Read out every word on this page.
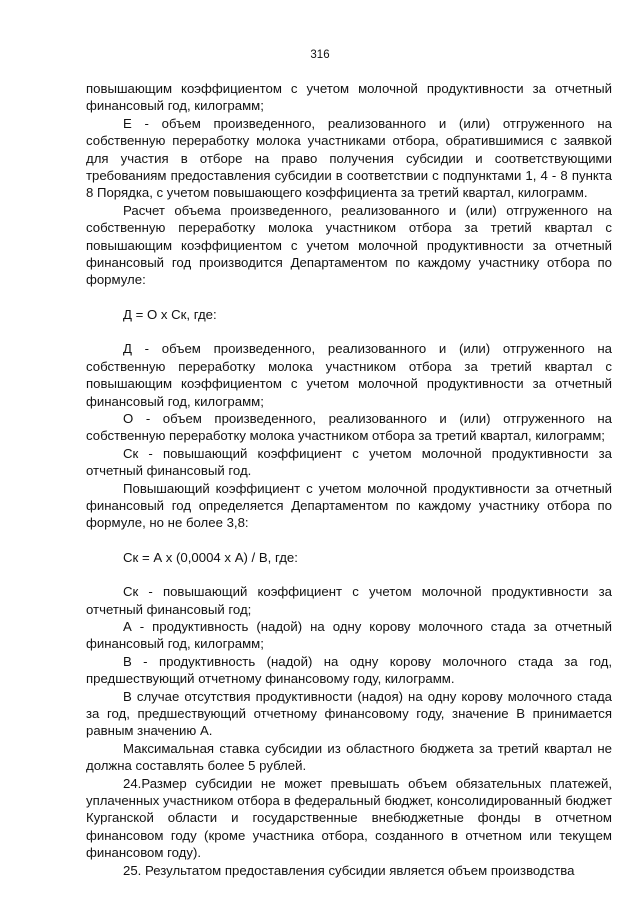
316

повышающим коэффициентом с учетом молочной продуктивности за отчетный финансовый год, килограмм;

Е - объем произведенного, реализованного и (или) отгруженного на собственную переработку молока участниками отбора, обратившимися с заявкой для участия в отборе на право получения субсидии и соответствующими требованиям предоставления субсидии в соответствии с подпунктами 1, 4 - 8 пункта 8 Порядка, с учетом повышающего коэффициента за третий квартал, килограмм.

Расчет объема произведенного, реализованного и (или) отгруженного на собственную переработку молока участником отбора за третий квартал с повышающим коэффициентом с учетом молочной продуктивности за отчетный финансовый год производится Департаментом по каждому участнику отбора по формуле:

Д = О х Ск, где:

Д - объем произведенного, реализованного и (или) отгруженного на собственную переработку молока участником отбора за третий квартал с повышающим коэффициентом с учетом молочной продуктивности за отчетный финансовый год, килограмм;

О - объем произведенного, реализованного и (или) отгруженного на собственную переработку молока участником отбора за третий квартал, килограмм;

Ск - повышающий коэффициент с учетом молочной продуктивности за отчетный финансовый год.

Повышающий коэффициент с учетом молочной продуктивности за отчетный финансовый год определяется Департаментом по каждому участнику отбора по формуле, но не более 3,8:

Ск = А х (0,0004 х А) / В, где:

Ск - повышающий коэффициент с учетом молочной продуктивности за отчетный финансовый год;

А - продуктивность (надой) на одну корову молочного стада за отчетный финансовый год, килограмм;

В - продуктивность (надой) на одну корову молочного стада за год, предшествующий отчетному финансовому году, килограмм.

В случае отсутствия продуктивности (надоя) на одну корову молочного стада за год, предшествующий отчетному финансовому году, значение В принимается равным значению А.

Максимальная ставка субсидии из областного бюджета за третий квартал не должна составлять более 5 рублей.

24.Размер субсидии не может превышать объем обязательных платежей, уплаченных участником отбора в федеральный бюджет, консолидированный бюджет Курганской области и государственные внебюджетные фонды в отчетном финансовом году (кроме участника отбора, созданного в отчетном или текущем финансовом году).

25. Результатом предоставления субсидии является объем производства
